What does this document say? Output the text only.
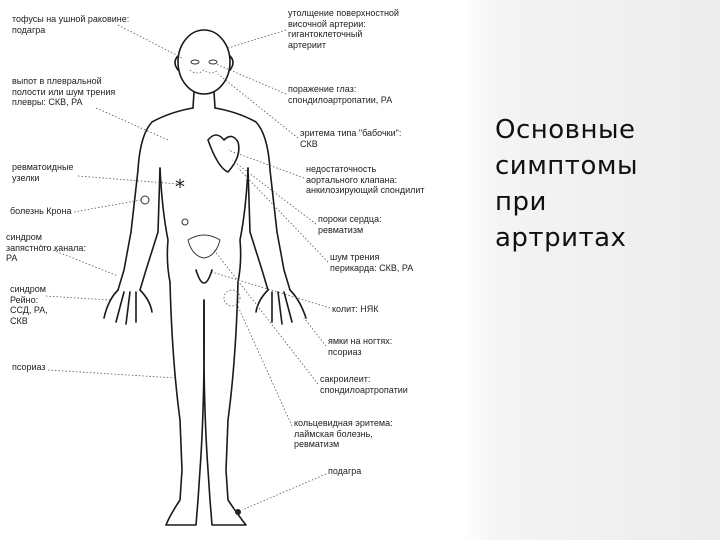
*
тофусы на ушной раковине:
подагра
выпот в плевральной
полости или шум трения
плевры: СКВ, РА
ревматоидные
узелки
болезнь Крона
синдром
запястного канала:
РА
синдром
Рейно:
ССД, РА,
СКВ
псориаз
утолщение поверхностной
височной артерии:
гигантоклеточный
артериит
поражение глаз:
спондилоартропатии, РА
эритема типа "бабочки":
СКВ
недостаточность
аортального клапана:
анкилозирующий спондилит
пороки сердца:
ревматизм
шум трения
перикарда: СКВ, РА
колит: НЯК
ямки на ногтях:
псориаз
сакроилеит:
спондилоартропатии
кольцевидная эритема:
лаймская болезнь,
ревматизм
подагра
Основные
симптомы
при
артритах
